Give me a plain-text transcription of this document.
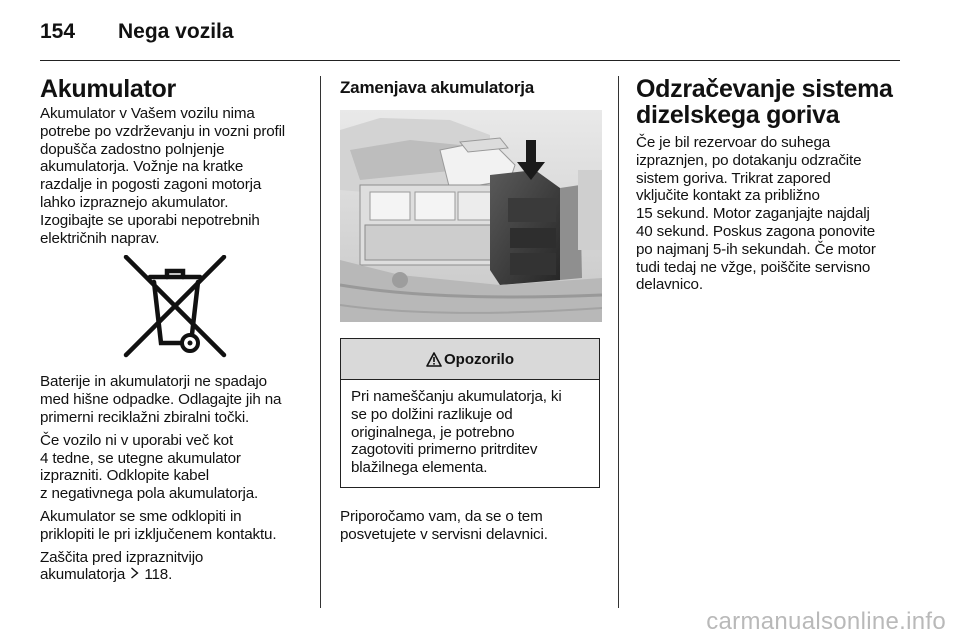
154	Nega vozila
Akumulator

Akumulator v Vašem vozilu nima
potrebe po vzdrževanju in vozni profil
dopušča zadostno polnjenje
akumulatorja. Vožnje na kratke
razdalje in pogosti zagoni motorja
lahko izpraznejo akumulator.
Izogibajte se uporabi nepotrebnih
električnih naprav.

Baterije in akumulatorji ne spadajo
med hišne odpadke. Odlagajte jih na
primerni reciklažni zbiralni točki.

Če vozilo ni v uporabi več kot
4 tedne, se utegne akumulator
izprazniti. Odklopite kabel
z negativnega pola akumulatorja.

Akumulator se sme odklopiti in
priklopiti le pri izključenem kontaktu.

Zaščita pred izpraznitvijo
akumulatorja 118.

Zamenjava akumulatorja
Opozorilo

Pri nameščanju akumulatorja, ki
se po dolžini razlikuje od
originalnega, je potrebno
zagotoviti primerno pritrditev
blažilnega elementa.

Priporočamo vam, da se o tem
posvetujete v servisni delavnici.

Odzračevanje sistema
dizelskega goriva

Če je bil rezervoar do suhega
izpraznjen, po dotakanju odzračite
sistem goriva. Trikrat zapored
vključite kontakt za približno
15 sekund. Motor zaganjajte najdalj
40 sekund. Poskus zagona ponovite
po najmanj 5-ih sekundah. Če motor
tudi tedaj ne vžge, poiščite servisno
delavnico.

carmanualsonline.info
